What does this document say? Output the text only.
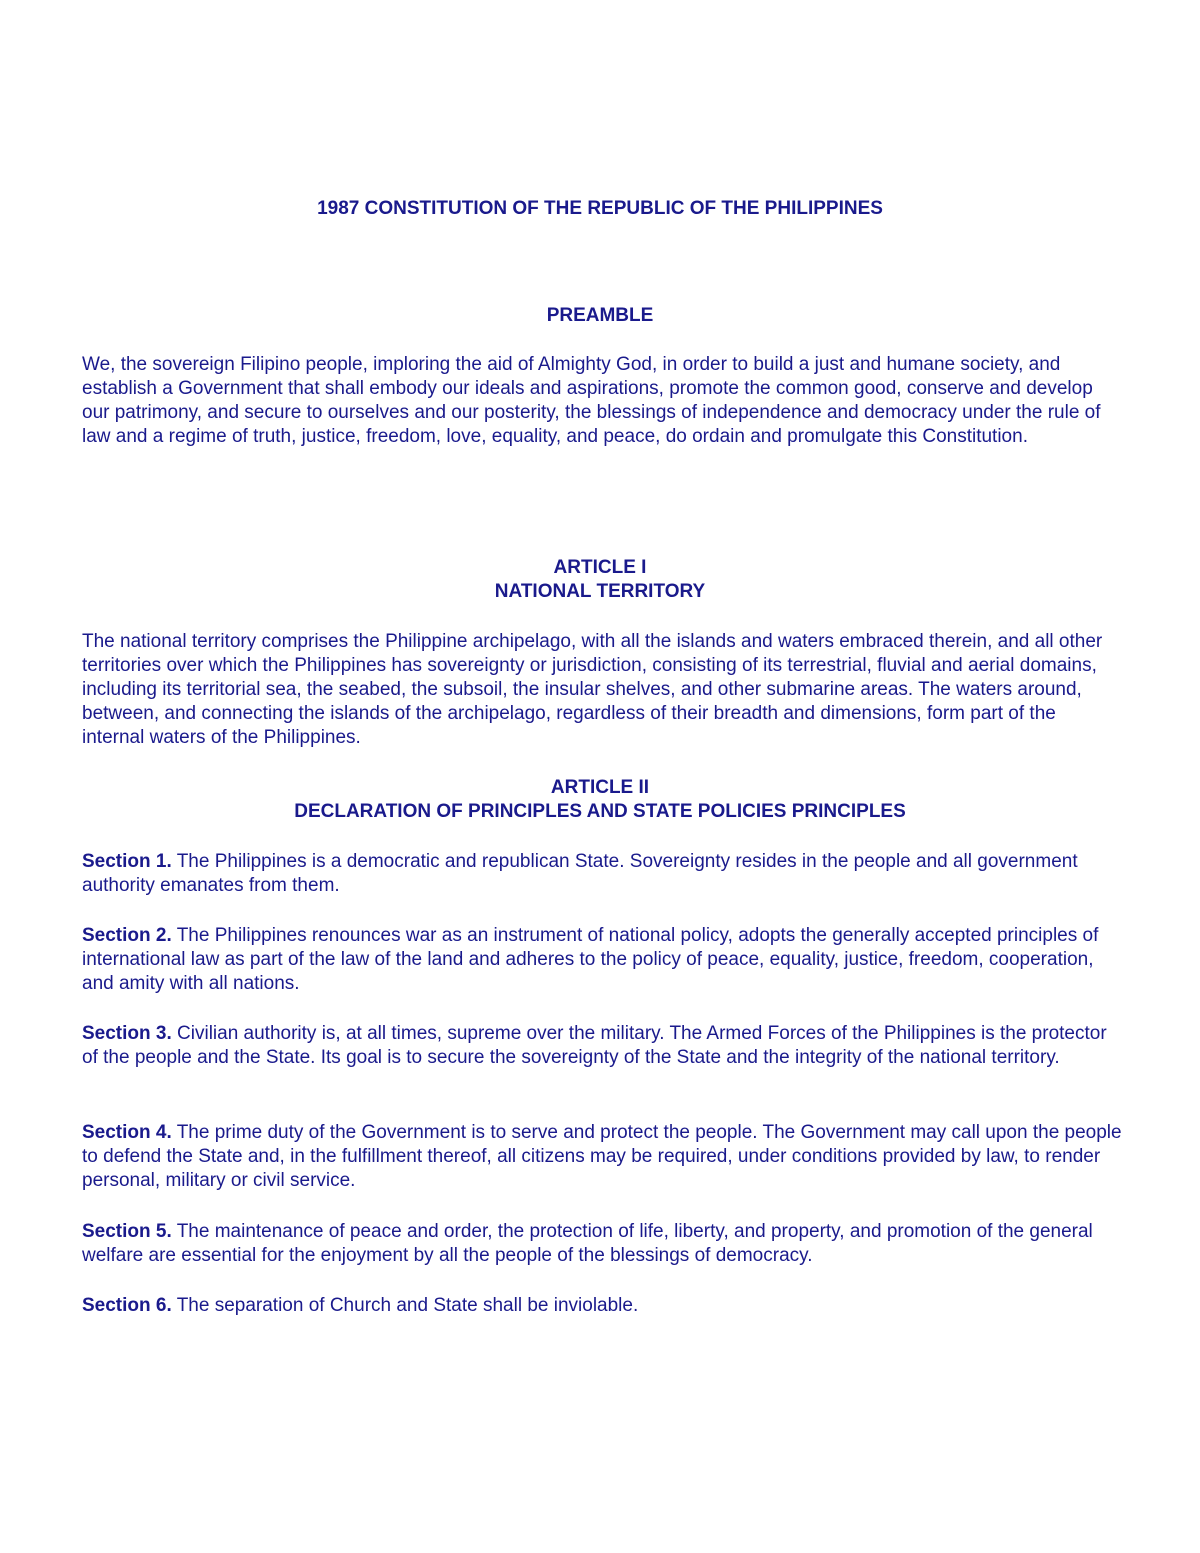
1987 CONSTITUTION OF THE REPUBLIC OF THE PHILIPPINES
PREAMBLE

We, the sovereign Filipino people, imploring the aid of Almighty God, in order to build a just and humane society, and establish a Government that shall embody our ideals and aspirations, promote the common good, conserve and develop our patrimony, and secure to ourselves and our posterity, the blessings of independence and democracy under the rule of law and a regime of truth, justice, freedom, love, equality, and peace, do ordain and promulgate this Constitution.

ARTICLE I
NATIONAL TERRITORY

The national territory comprises the Philippine archipelago, with all the islands and waters embraced therein, and all other territories over which the Philippines has sovereignty or jurisdiction, consisting of its terrestrial, fluvial and aerial domains, including its territorial sea, the seabed, the subsoil, the insular shelves, and other submarine areas. The waters around, between, and connecting the islands of the archipelago, regardless of their breadth and dimensions, form part of the internal waters of the Philippines.

ARTICLE II
DECLARATION OF PRINCIPLES AND STATE POLICIES PRINCIPLES

Section 1. The Philippines is a democratic and republican State. Sovereignty resides in the people and all government authority emanates from them.

Section 2. The Philippines renounces war as an instrument of national policy, adopts the generally accepted principles of international law as part of the law of the land and adheres to the policy of peace, equality, justice, freedom, cooperation, and amity with all nations.

Section 3. Civilian authority is, at all times, supreme over the military. The Armed Forces of the Philippines is the protector of the people and the State. Its goal is to secure the sovereignty of the State and the integrity of the national territory.

Section 4. The prime duty of the Government is to serve and protect the people. The Government may call upon the people to defend the State and, in the fulfillment thereof, all citizens may be required, under conditions provided by law, to render personal, military or civil service.

Section 5. The maintenance of peace and order, the protection of life, liberty, and property, and promotion of the general welfare are essential for the enjoyment by all the people of the blessings of democracy.

Section 6. The separation of Church and State shall be inviolable.
